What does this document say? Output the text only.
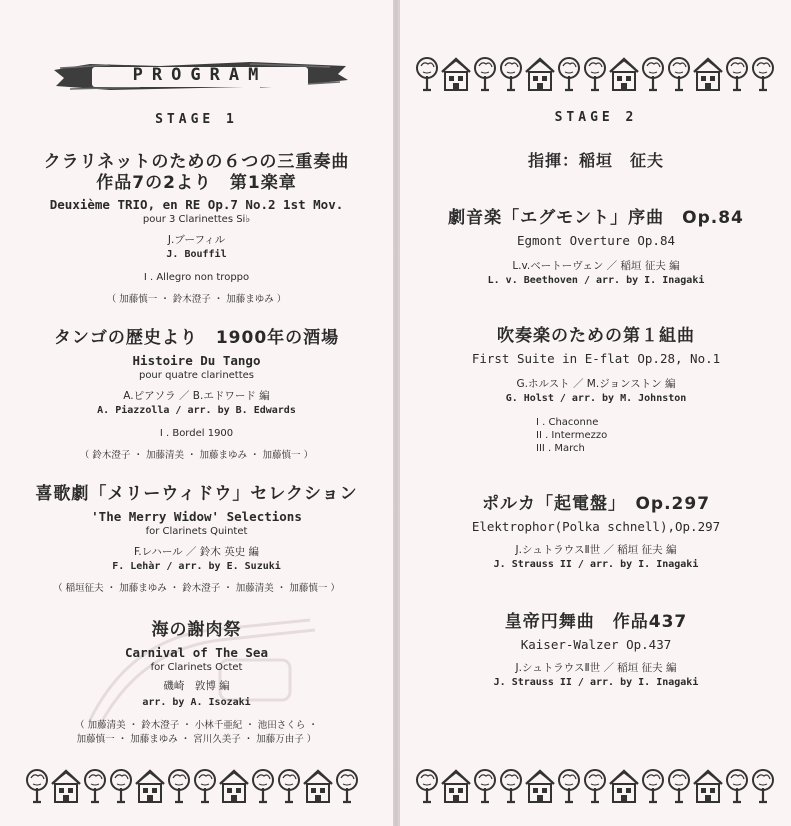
PROGRAM
STAGE 1
クラリネットのための６つの三重奏曲
作品7の2より　第1楽章
Deuxième TRIO, en RE Op.7 No.2 1st Mov.
pour 3 Clarinettes Si♭
J.ブーフィル
J. Bouffil
I . Allegro non troppo
（ 加藤慎一 ・ 鈴木澄子 ・ 加藤まゆみ ）
タンゴの歴史より　1900年の酒場
Histoire Du Tango
pour quatre clarinettes
A.ピアソラ ／ B.エドワード 編
A. Piazzolla / arr. by B. Edwards
I . Bordel 1900
（ 鈴木澄子 ・ 加藤清美 ・ 加藤まゆみ ・ 加藤慎一 ）
喜歌劇「メリーウィドウ」セレクション
'The Merry Widow' Selections
for Clarinets Quintet
F.レハール ／ 鈴木 英史 編
F. Lehàr / arr. by E. Suzuki
（ 稲垣征夫 ・ 加藤まゆみ ・ 鈴木澄子 ・ 加藤清美 ・ 加藤慎一 ）
海の謝肉祭
Carnival of The Sea
for Clarinets Octet
磯崎　敦博 編
arr. by A. Isozaki
（ 加藤清美 ・ 鈴木澄子 ・ 小林千亜紀 ・ 池田さくら ・
加藤慎一 ・ 加藤まゆみ ・ 宮川久美子 ・ 加藤万由子 ）
STAGE 2
指揮：稲垣　征夫
劇音楽「エグモント」序曲　Op.84
Egmont Overture Op.84
L.v.ベートーヴェン ／ 稲垣 征夫 編
L. v. Beethoven / arr. by I. Inagaki
吹奏楽のための第１組曲
First Suite in E-flat Op.28, No.1
G.ホルスト ／ M.ジョンストン 編
G. Holst / arr. by M. Johnston
I . Chaconne
II . Intermezzo
III . March
ポルカ「起電盤」　Op.297
Elektrophor(Polka schnell),Op.297
J.シュトラウスⅡ世 ／ 稲垣 征夫 編
J. Strauss II / arr. by I. Inagaki
皇帝円舞曲　作品437
Kaiser-Walzer Op.437
J.シュトラウスⅡ世 ／ 稲垣 征夫 編
J. Strauss II / arr. by I. Inagaki
